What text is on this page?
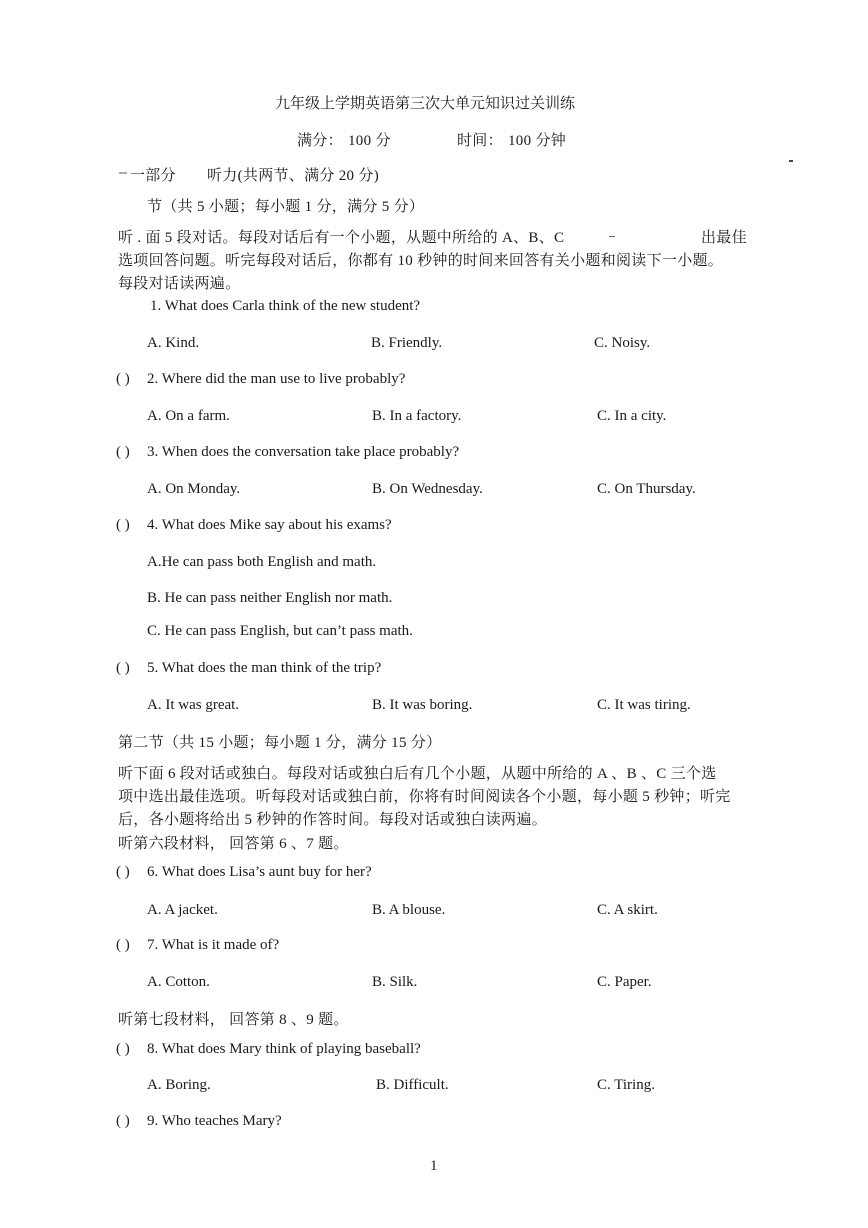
九年级上学期英语第三次大单元知识过关训练
满分： 100 分	时间： 100 分钟
一部分 听力(共两节、满分 20 分)
节（共 5 小题；每小题 1 分，满分 5 分）
听 . 面 5 段对话。每段对话后有一个小题，从题中所给的 A、B、C	出最佳
选项回答问题。听完每段对话后，你都有 10 秒钟的时间来回答有关小题和阅读下一小题。
每段对话读两遍。
1. What does Carla think of the new student?
A. Kind.	B. Friendly.	C. Noisy.
( ) 2. Where did the man use to live probably?
A. On a farm.	B. In a factory.	C. In a city.
( ) 3. When does the conversation take place probably?
A. On Monday.	B. On Wednesday.	C. On Thursday.
( ) 4. What does Mike say about his exams?
A.He can pass both English and math.
B. He can pass neither English nor math.
C. He can pass English, but can’t pass math.
( ) 5. What does the man think of the trip?
A. It was great.	B. It was boring.	C. It was tiring.
第二节（共 15 小题；每小题 1 分，满分 15 分）
听下面 6 段对话或独白。每段对话或独白后有几个小题，从题中所给的 A 、B 、C 三个选
项中选出最佳选项。听每段对话或独白前，你将有时间阅读各个小题，每小题 5 秒钟；听完
后，各小题将给出 5 秒钟的作答时间。每段对话或独白读两遍。
听第六段材料， 回答第 6 、7 题。
( ) 6. What does Lisa’s aunt buy for her?
A. A jacket.	B. A blouse.	C. A skirt.
( ) 7. What is it made of?
A. Cotton.	B. Silk.	C. Paper.
听第七段材料， 回答第 8 、9 题。
( ) 8. What does Mary think of playing baseball?
A. Boring.	B. Difficult.	C. Tiring.
( ) 9. Who teaches Mary?
1
